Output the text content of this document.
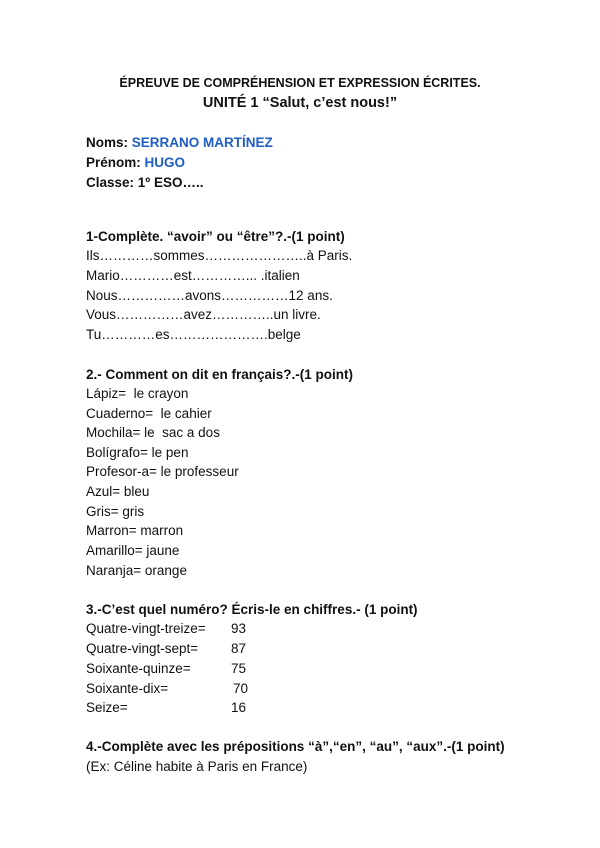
ÉPREUVE DE COMPRÉHENSION ET EXPRESSION ÉCRITES.
UNITÉ 1 “Salut, c’est nous!”
Noms: SERRANO MARTÍNEZ
Prénom: HUGO
Classe: 1º ESO…..
1-Complète. “avoir” ou “être”?.-(1 point)
Ils…………sommes…………………..à Paris.
Mario…………est…………... .italien
Nous……………avons……………12 ans.
Vous……………avez…………..un livre.
Tu…………es………………….belge
2.- Comment on dit en français?.-(1 point)
Lápiz=  le crayon
Cuaderno=  le cahier
Mochila= le  sac a dos
Bolígrafo= le pen
Profesor-a= le professeur
Azul= bleu
Gris= gris
Marron= marron
Amarillo= jaune
Naranja= orange
3.-C’est quel numéro? Écris-le en chiffres.- (1 point)
Quatre-vingt-treize= 93
Quatre-vingt-sept= 87
Soixante-quinze=	75
Soixante-dix=	70
Seize=	16
4.-Complète avec les prépositions “à”,“en”, “au”, “aux”.-(1 point)
(Ex: Céline habite à Paris en France)
